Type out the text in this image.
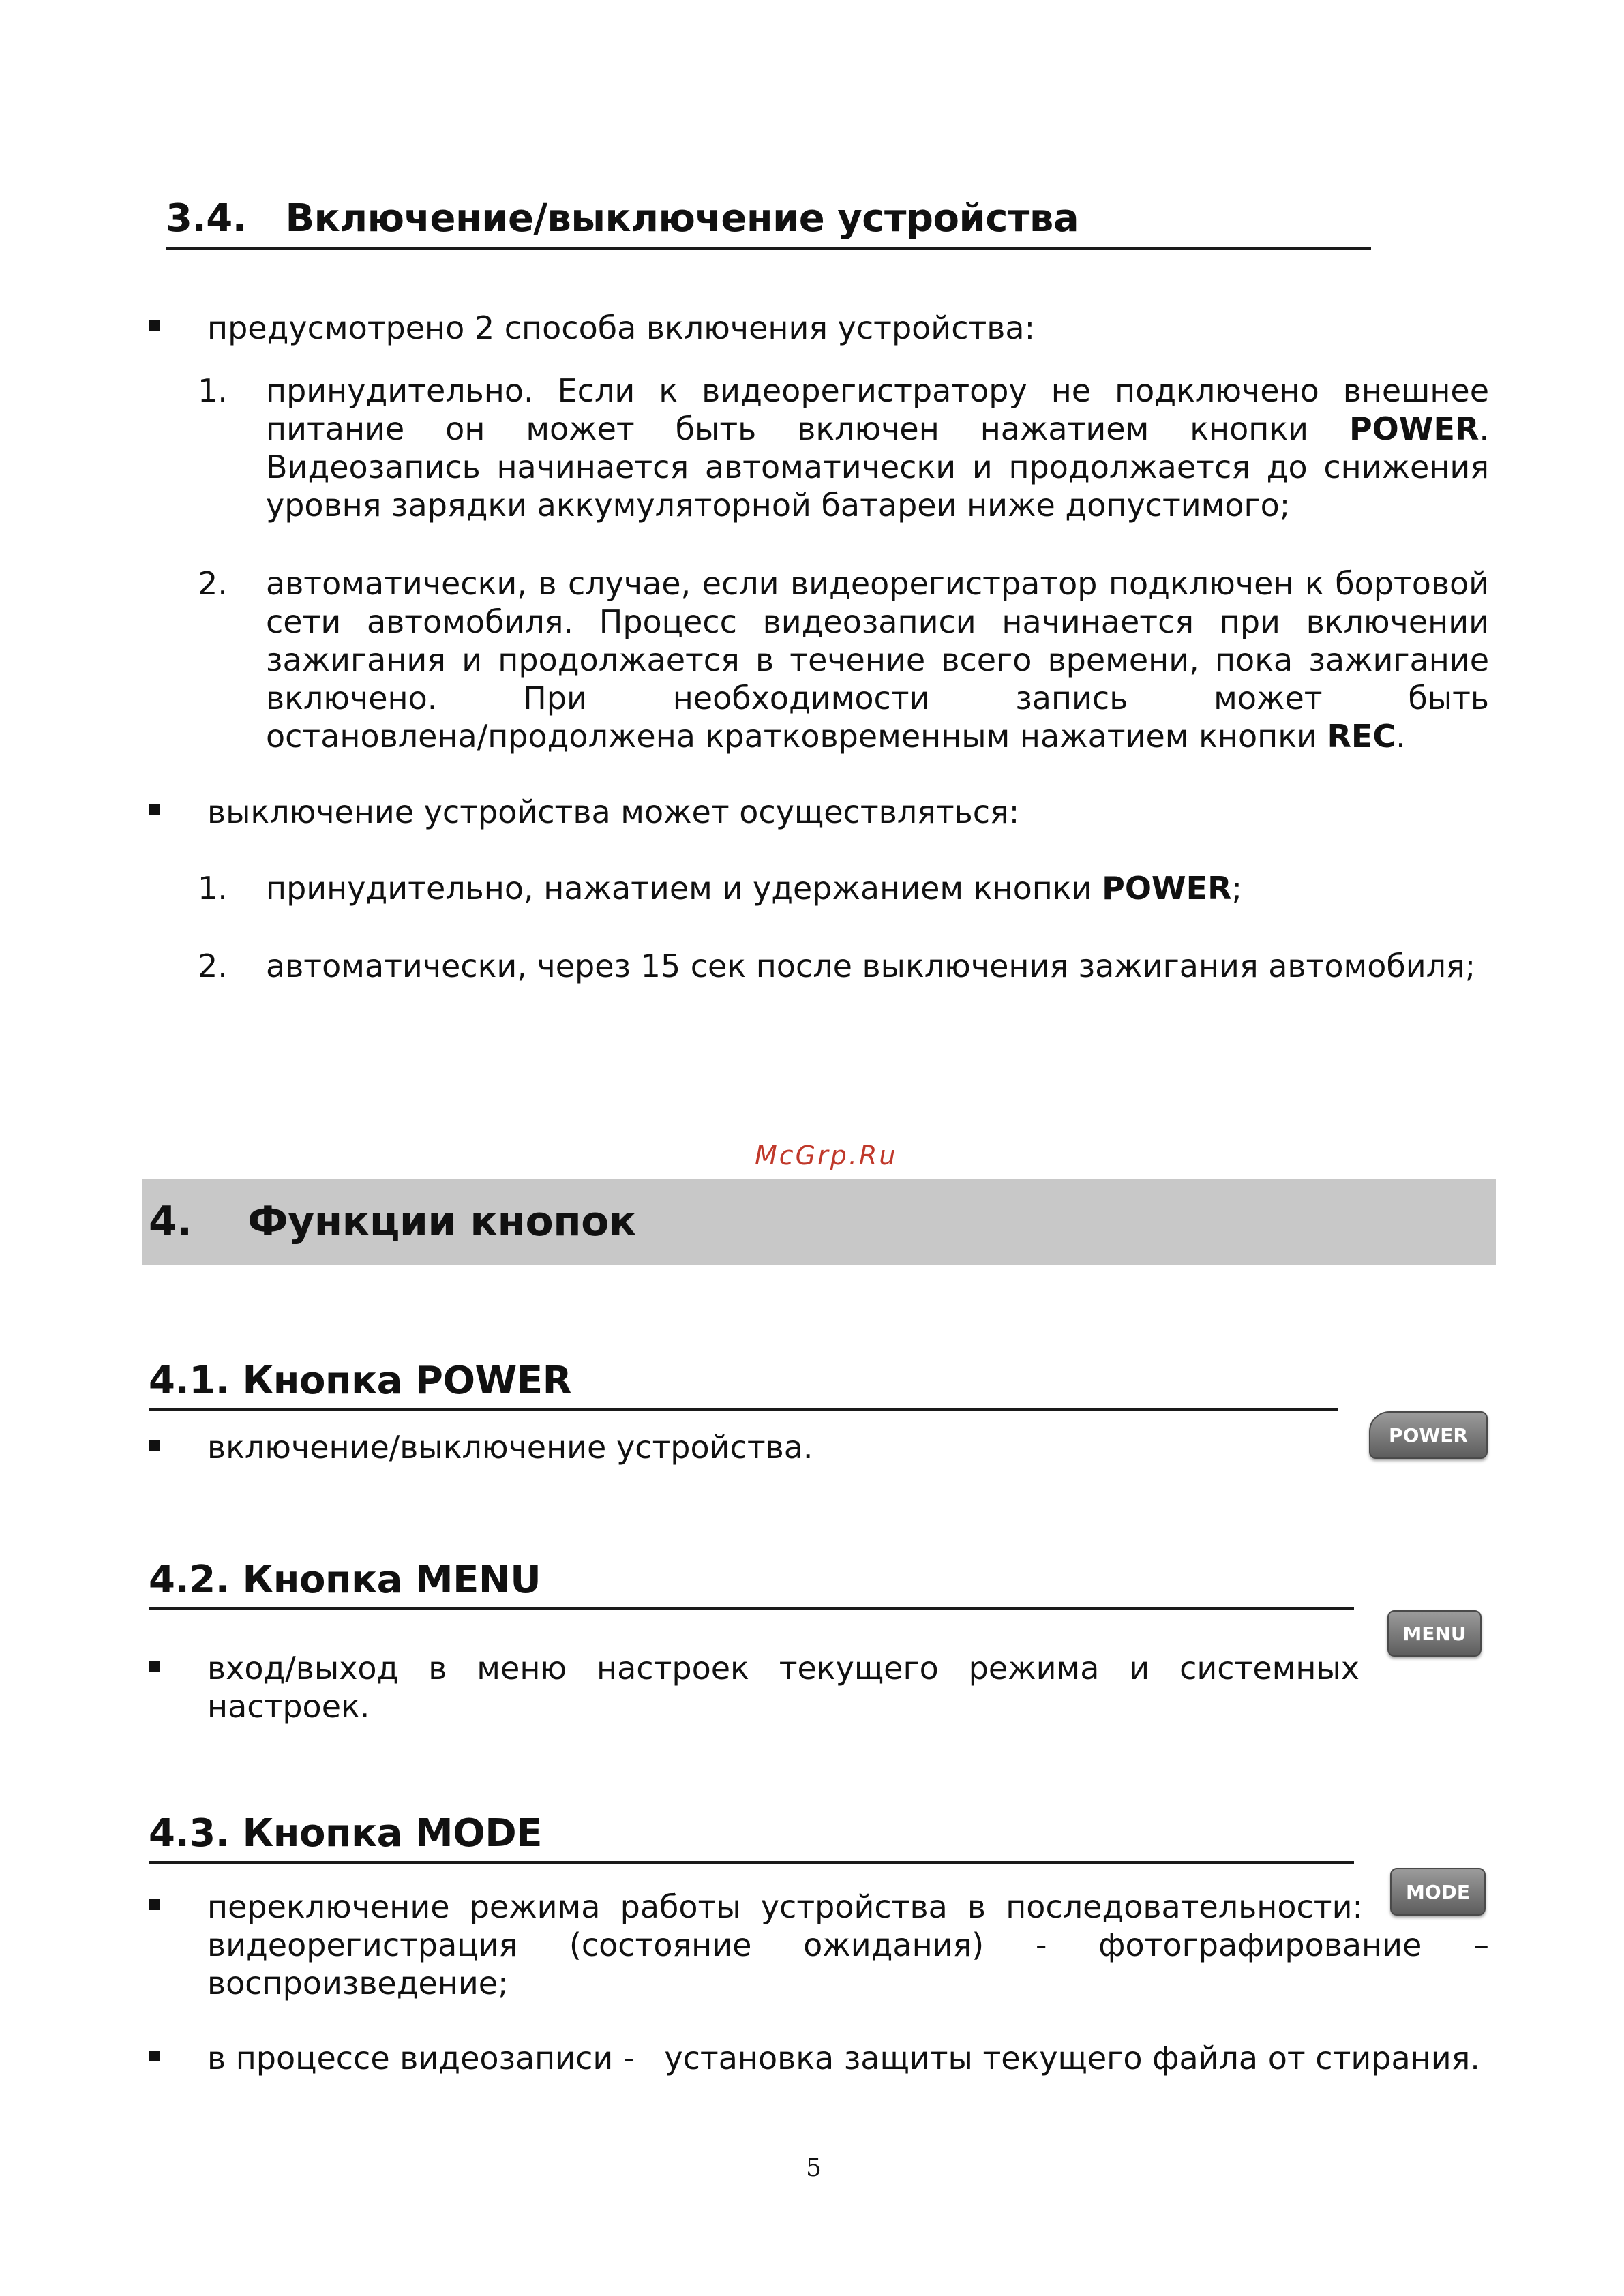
3.4.   Включение/выключение устройства
предусмотрено 2 способа включения устройства:
1. принудительно. Если к видеорегистратору не подключено внешнее
питание он может быть включен нажатием кнопки POWER.
Видеозапись начинается автоматически и продолжается до снижения
уровня зарядки аккумуляторной батареи ниже допустимого;
2. автоматически, в случае, если видеорегистратор подключен к бортовой
сети автомобиля. Процесс видеозаписи начинается при включении
зажигания и продолжается в течение всего времени, пока зажигание
включено. При необходимости запись может быть
остановлена/продолжена кратковременным нажатием кнопки REC.
выключение устройства может осуществляться:
1. принудительно, нажатием и удержанием кнопки POWER;
2. автоматически, через 15 сек после выключения зажигания автомобиля;
McGrp.Ru
4.    Функции кнопок
4.1. Кнопка POWER
включение/выключение устройства.	POWER
4.2. Кнопка MENU
вход/выход в меню настроек текущего режима и системных
настроек.
MENU
4.3. Кнопка MODE
переключение режима работы устройства в последовательности:
видеорегистрация (состояние ожидания) - фотографирование –
воспроизведение;
MODE
в процессе видеозаписи -   установка защиты текущего файла от стирания.
5
